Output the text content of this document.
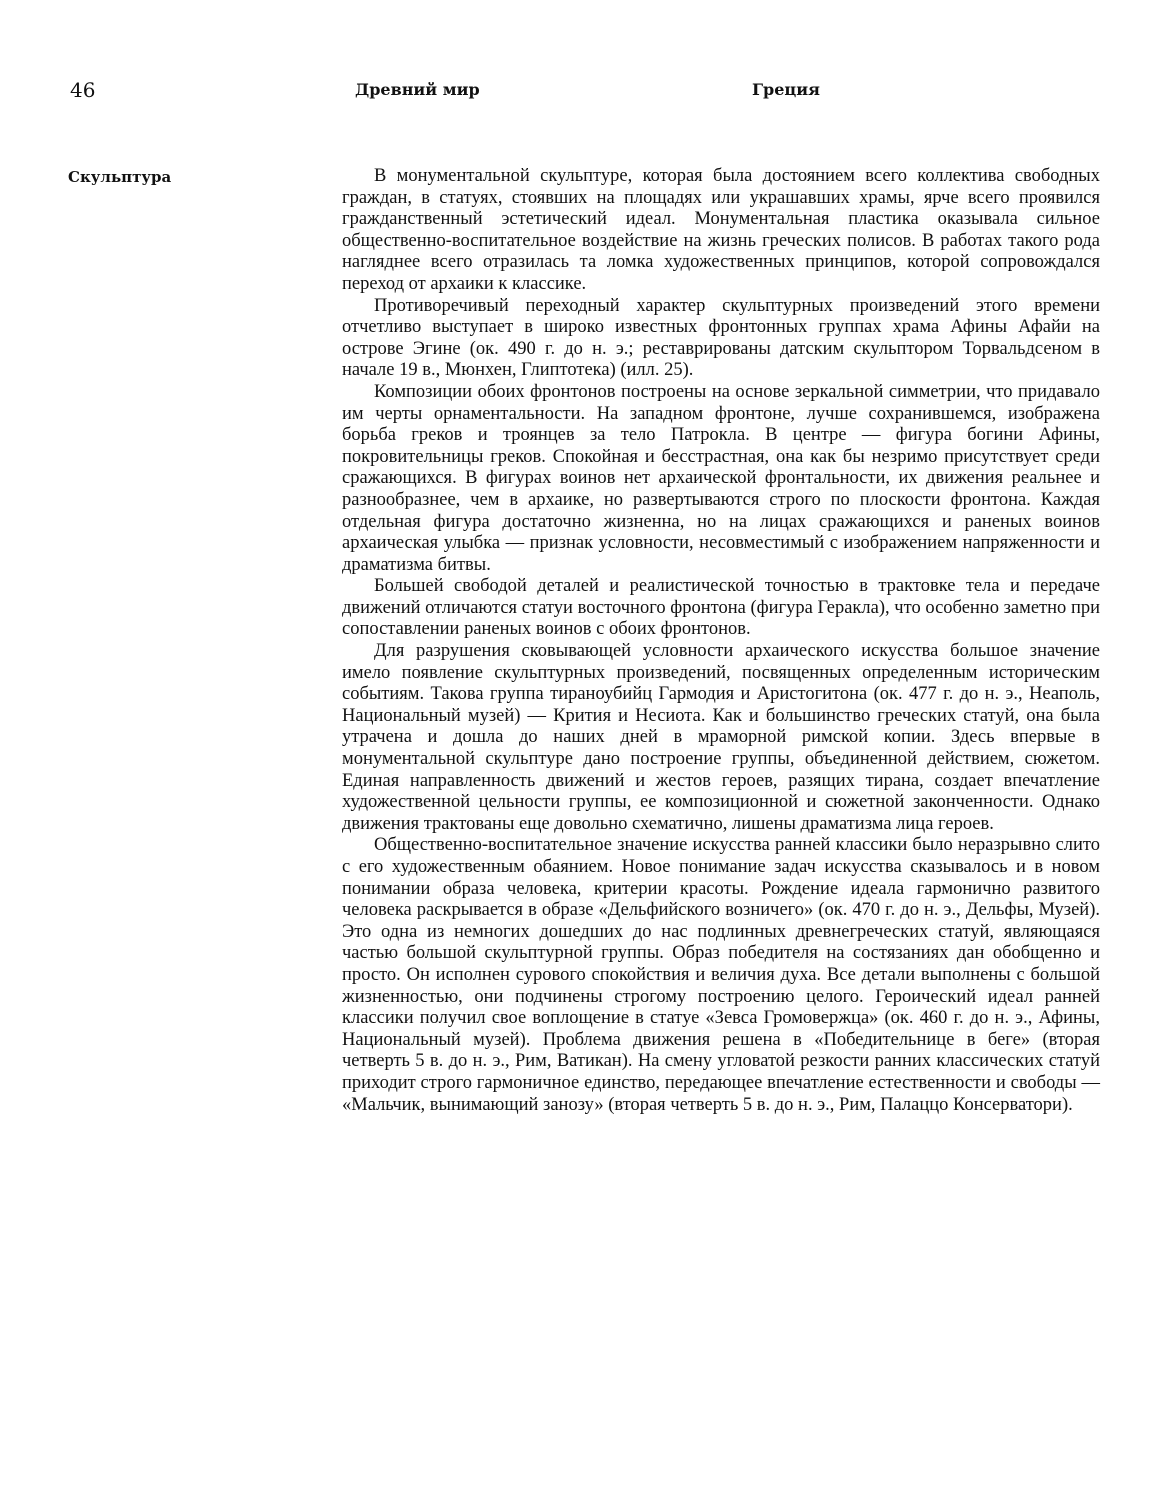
46	Древний мир	Греция
Скульптура	В монументальной скульптуре, которая была достоянием всего коллектива свободных граждан, в статуях, стоявших на площадях или украшавших храмы, ярче всего проявился гражданственный эстетический идеал. Монументальная пластика оказывала сильное общественно-воспитательное воздействие на жизнь греческих полисов. В работах такого рода нагляднее всего отразилась та ломка художественных принципов, которой сопровождался переход от архаики к классике.

Противоречивый переходный характер скульптурных произведений этого времени отчетливо выступает в широко известных фронтонных группах храма Афины Афайи на острове Эгине (ок. 490 г. до н. э.; реставрированы датским скульптором Торвальдсеном в начале 19 в., Мюнхен, Глиптотека) (илл. 25).

Композиции обоих фронтонов построены на основе зеркальной симметрии, что придавало им черты орнаментальности. На западном фронтоне, лучше сохранившемся, изображена борьба греков и троянцев за тело Патрокла. В центре — фигура богини Афины, покровительницы греков. Спокойная и бесстрастная, она как бы незримо присутствует среди сражающихся. В фигурах воинов нет архаической фронтальности, их движения реальнее и разнообразнее, чем в архаике, но развертываются строго по плоскости фронтона. Каждая отдельная фигура достаточно жизненна, но на лицах сражающихся и раненых воинов архаическая улыбка — признак условности, несовместимый с изображением напряженности и драматизма битвы.

Большей свободой деталей и реалистической точностью в трактовке тела и передаче движений отличаются статуи восточного фронтона (фигура Геракла), что особенно заметно при сопоставлении раненых воинов с обоих фронтонов.

Для разрушения сковывающей условности архаического искусства большое значение имело появление скульптурных произведений, посвященных определенным историческим событиям. Такова группа тираноубийц Гармодия и Аристогитона (ок. 477 г. до н. э., Неаполь, Национальный музей) — Крития и Несиота. Как и большинство греческих статуй, она была утрачена и дошла до наших дней в мраморной римской копии. Здесь впервые в монументальной скульптуре дано построение группы, объединенной действием, сюжетом. Единая направленность движений и жестов героев, разящих тирана, создает впечатление художественной цельности группы, ее композиционной и сюжетной законченности. Однако движения трактованы еще довольно схематично, лишены драматизма лица героев.

Общественно-воспитательное значение искусства ранней классики было неразрывно слито с его художественным обаянием. Новое понимание задач искусства сказывалось и в новом понимании образа человека, критерии красоты. Рождение идеала гармонично развитого человека раскрывается в образе «Дельфийского возничего» (ок. 470 г. до н. э., Дельфы, Музей). Это одна из немногих дошедших до нас подлинных древнегреческих статуй, являющаяся частью большой скульптурной группы. Образ победителя на состязаниях дан обобщенно и просто. Он исполнен сурового спокойствия и величия духа. Все детали выполнены с большой жизненностью, они подчинены строгому построению целого. Героический идеал ранней классики получил свое воплощение в статуе «Зевса Громовержца» (ок. 460 г. до н. э., Афины, Национальный музей). Проблема движения решена в «Победительнице в беге» (вторая четверть 5 в. до н. э., Рим, Ватикан). На смену угловатой резкости ранних классических статуй приходит строго гармоничное единство, передающее впечатление естественности и свободы — «Мальчик, вынимающий занозу» (вторая четверть 5 в. до н. э., Рим, Палаццо Консерватори).
